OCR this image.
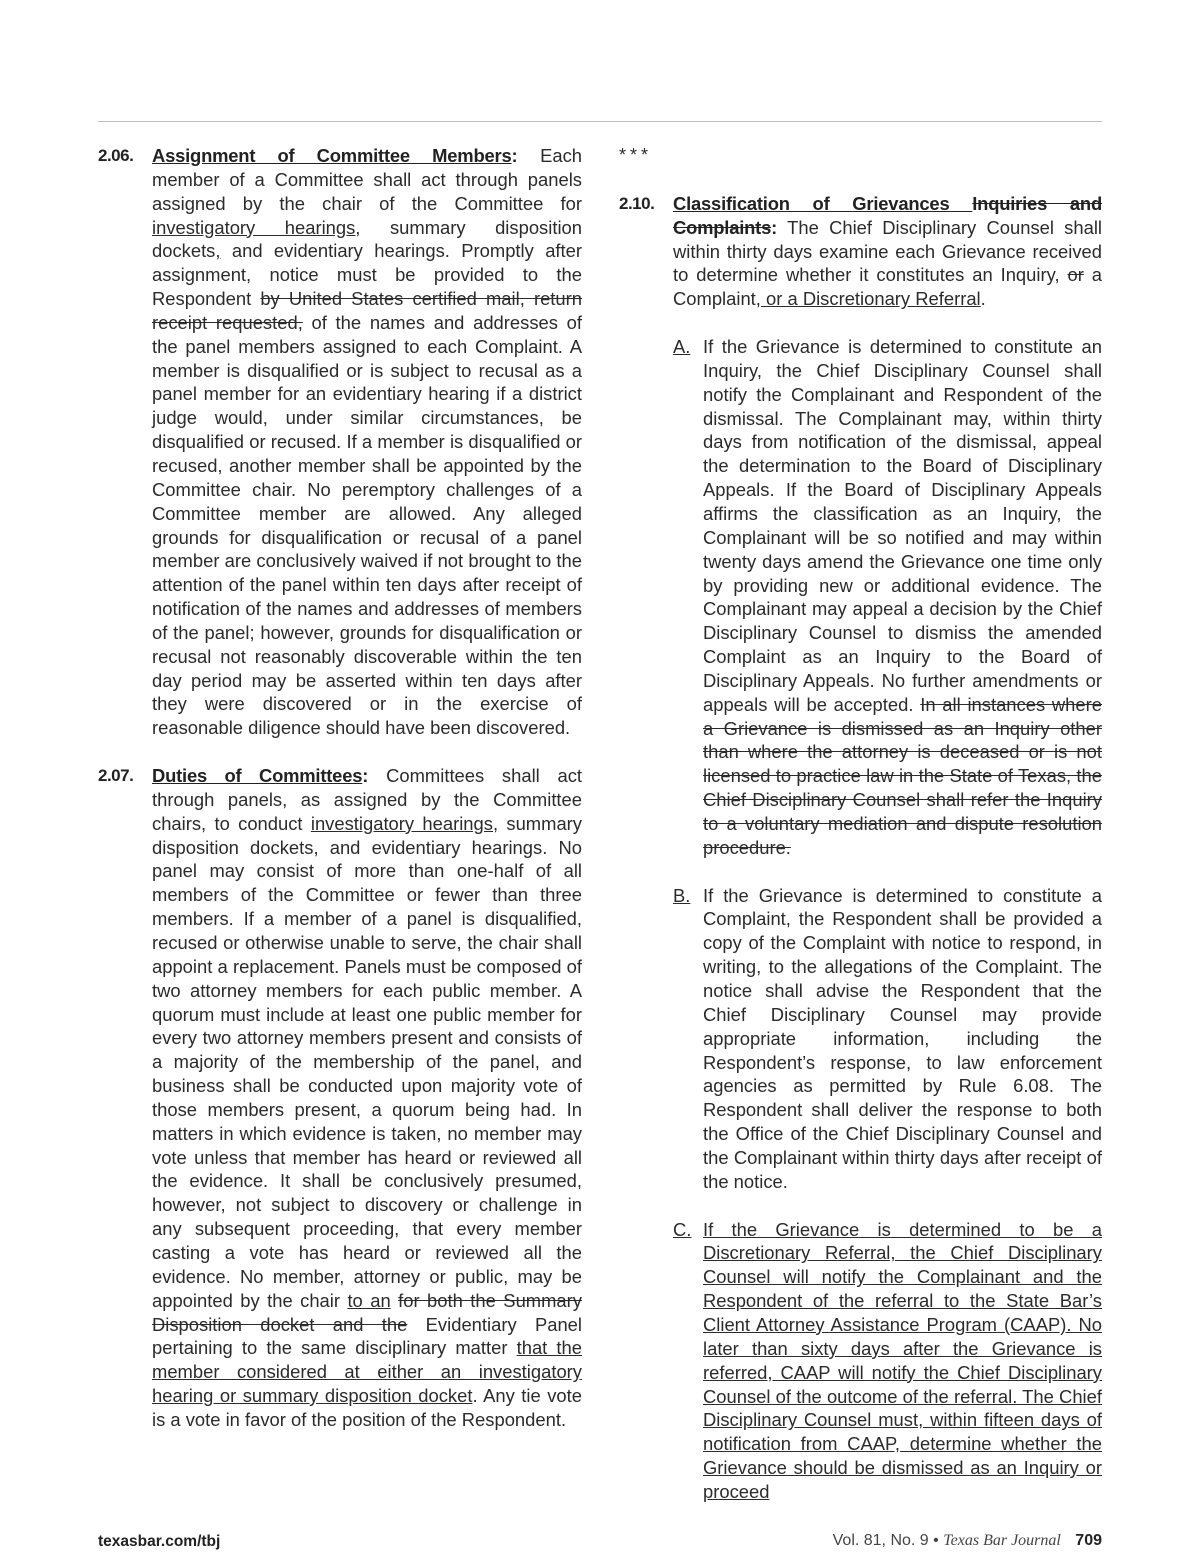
2.06. Assignment of Committee Members: Each member of a Committee shall act through panels assigned by the chair of the Committee for investigatory hearings, summary disposition dockets, and evidentiary hearings. Promptly after assignment, notice must be provided to the Respondent by United States certified mail, return receipt requested, of the names and addresses of the panel members assigned to each Complaint. A member is disqualified or is subject to recusal as a panel member for an evidentiary hearing if a district judge would, under similar circumstances, be disqualified or recused. If a member is disqualified or recused, another member shall be appointed by the Committee chair. No peremptory challenges of a Committee member are allowed. Any alleged grounds for disqualification or recusal of a panel member are conclusively waived if not brought to the attention of the panel within ten days after receipt of notification of the names and addresses of members of the panel; however, grounds for disqualification or recusal not reasonably discoverable within the ten day period may be asserted within ten days after they were discovered or in the exercise of reasonable diligence should have been discovered.
2.07. Duties of Committees: Committees shall act through panels, as assigned by the Committee chairs, to conduct investigatory hearings, summary disposition dockets, and evidentiary hearings. No panel may consist of more than one-half of all members of the Committee or fewer than three members. If a member of a panel is disqualified, recused or otherwise unable to serve, the chair shall appoint a replacement. Panels must be composed of two attorney members for each public member. A quorum must include at least one public member for every two attorney members present and consists of a majority of the membership of the panel, and business shall be conducted upon majority vote of those members present, a quorum being had. In matters in which evidence is taken, no member may vote unless that member has heard or reviewed all the evidence. It shall be conclusively presumed, however, not subject to discovery or challenge in any subsequent proceeding, that every member casting a vote has heard or reviewed all the evidence. No member, attorney or public, may be appointed by the chair to an for both the Summary Disposition docket and the Evidentiary Panel pertaining to the same disciplinary matter that the member considered at either an investigatory hearing or summary disposition docket. Any tie vote is a vote in favor of the position of the Respondent.
***
2.10. Classification of Grievances Inquiries and Complaints: The Chief Disciplinary Counsel shall within thirty days examine each Grievance received to determine whether it constitutes an Inquiry, or a Complaint, or a Discretionary Referral.
A. If the Grievance is determined to constitute an Inquiry, the Chief Disciplinary Counsel shall notify the Complainant and Respondent of the dismissal. The Complainant may, within thirty days from notification of the dismissal, appeal the determination to the Board of Disciplinary Appeals. If the Board of Disciplinary Appeals affirms the classification as an Inquiry, the Complainant will be so notified and may within twenty days amend the Grievance one time only by providing new or additional evidence. The Complainant may appeal a decision by the Chief Disciplinary Counsel to dismiss the amended Complaint as an Inquiry to the Board of Disciplinary Appeals. No further amendments or appeals will be accepted. In all instances where a Grievance is dismissed as an Inquiry other than where the attorney is deceased or is not licensed to practice law in the State of Texas, the Chief Disciplinary Counsel shall refer the Inquiry to a voluntary mediation and dispute resolution procedure.
B. If the Grievance is determined to constitute a Complaint, the Respondent shall be provided a copy of the Complaint with notice to respond, in writing, to the allegations of the Complaint. The notice shall advise the Respondent that the Chief Disciplinary Counsel may provide appropriate information, including the Respondent’s response, to law enforcement agencies as permitted by Rule 6.08. The Respondent shall deliver the response to both the Office of the Chief Disciplinary Counsel and the Complainant within thirty days after receipt of the notice.
C. If the Grievance is determined to be a Discretionary Referral, the Chief Disciplinary Counsel will notify the Complainant and the Respondent of the referral to the State Bar’s Client Attorney Assistance Program (CAAP). No later than sixty days after the Grievance is referred, CAAP will notify the Chief Disciplinary Counsel of the outcome of the referral. The Chief Disciplinary Counsel must, within fifteen days of notification from CAAP, determine whether the Grievance should be dismissed as an Inquiry or proceed
texasbar.com/tbj	Vol. 81, No. 9 • Texas Bar Journal 709
